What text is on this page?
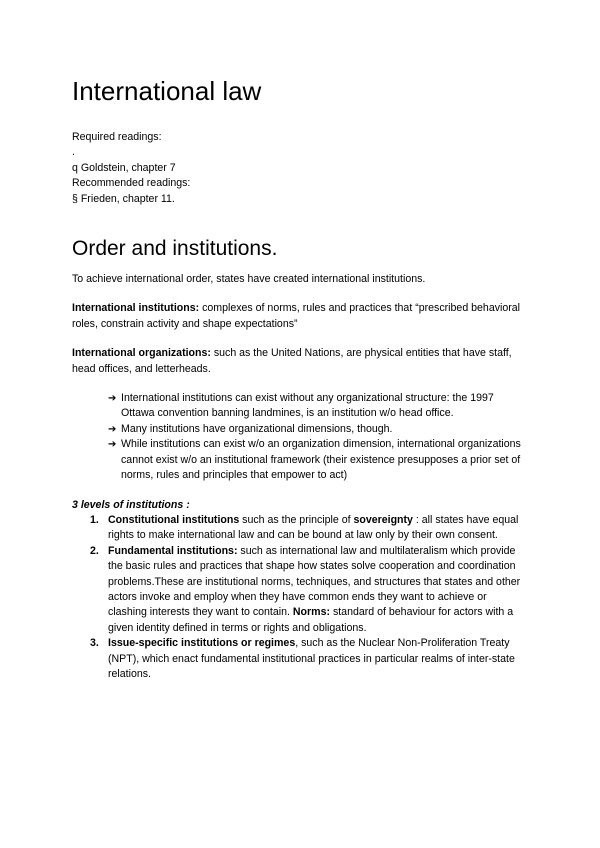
International law

Required readings:

.

q Goldstein, chapter 7

Recommended readings:

§ Frieden, chapter 11.

Order and institutions.

To achieve international order, states have created international institutions.

International institutions: complexes of norms, rules and practices that “prescribed behavioral roles, constrain activity and shape expectations”

International organizations: such as the United Nations, are physical entities that have staff, head offices, and letterheads.

➔ International institutions can exist without any organizational structure: the 1997 Ottawa convention banning landmines, is an institution w/o head office.
➔ Many institutions have organizational dimensions, though.
➔ While institutions can exist w/o an organization dimension, international organizations cannot exist w/o an institutional framework (their existence presupposes a prior set of norms, rules and principles that empower to act)

3 levels of institutions :

1. Constitutional institutions such as the principle of sovereignty : all states have equal rights to make international law and can be bound at law only by their own consent.
2. Fundamental institutions: such as international law and multilateralism which provide the basic rules and practices that shape how states solve cooperation and coordination problems.These are institutional norms, techniques, and structures that states and other actors invoke and employ when they have common ends they want to achieve or clashing interests they want to contain. Norms: standard of behaviour for actors with a given identity defined in terms or rights and obligations.
3. Issue-specific institutions or regimes, such as the Nuclear Non-Proliferation Treaty (NPT), which enact fundamental institutional practices in particular realms of inter-state relations.
